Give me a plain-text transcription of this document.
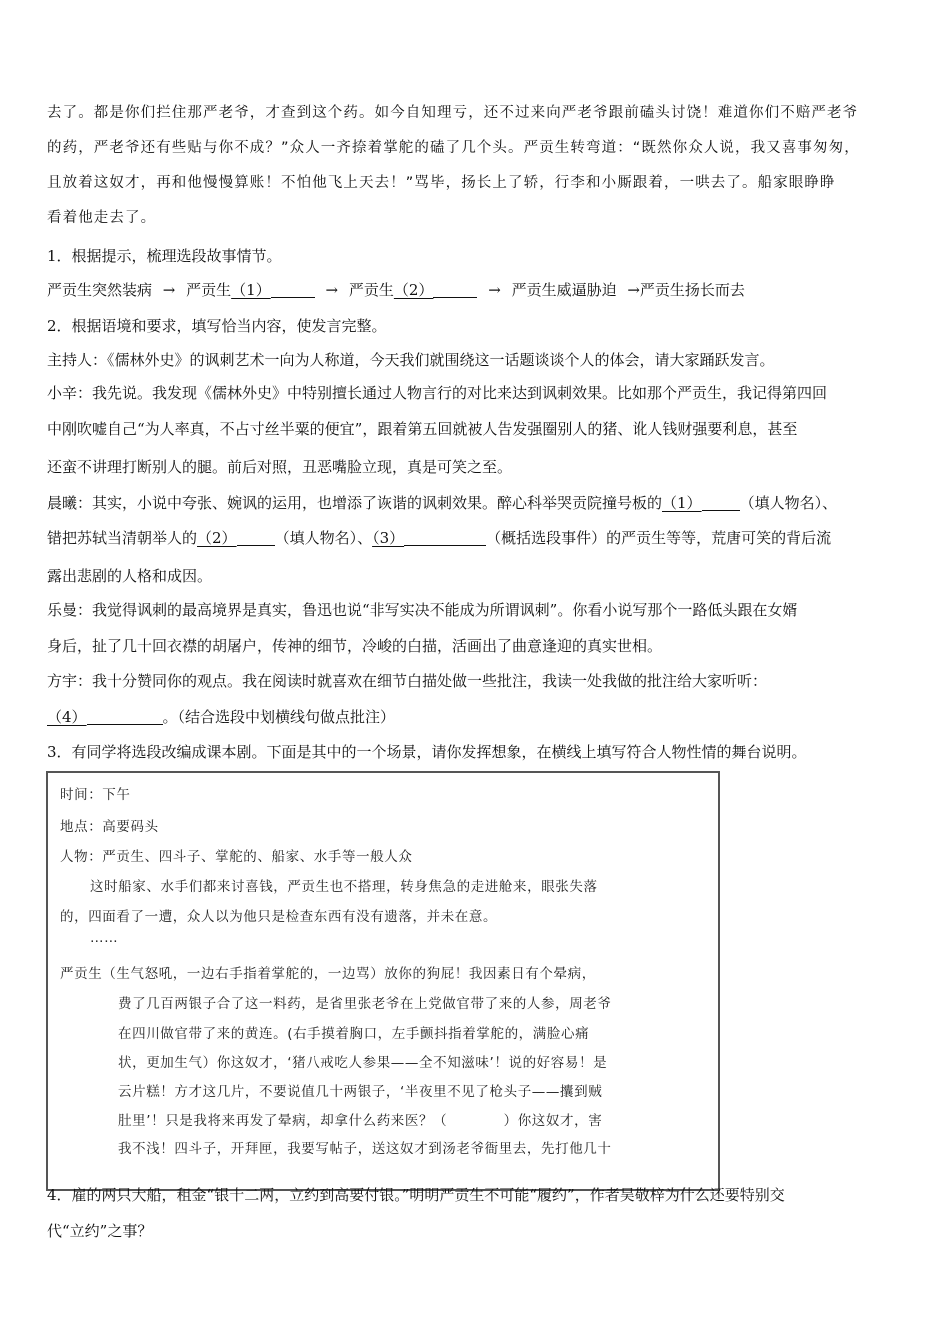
去了。都是你们拦住那严老爷，才查到这个药。如今自知理亏，还不过来向严老爷跟前磕头讨饶！难道你们不赔严老爷

的药，严老爷还有些贴与你不成？”众人一齐捺着掌舵的磕了几个头。严贡生转弯道：“既然你众人说，我又喜事匆匆，

且放着这奴才，再和他慢慢算账！不怕他飞上天去！”骂毕，扬长上了轿，行李和小厮跟着，一哄去了。船家眼睁睁

看着他走去了。

1．根据提示，梳理选段故事情节。

严贡生突然装病 → 严贡生（1）	→ 严贡生（2）	→ 严贡生威逼胁迫 →严贡生扬长而去

2．根据语境和要求，填写恰当内容，使发言完整。

主持人：《儒林外史》的讽刺艺术一向为人称道，今天我们就围绕这一话题谈谈个人的体会，请大家踊跃发言。

小辛：我先说。我发现《儒林外史》中特别擅长通过人物言行的对比来达到讽刺效果。比如那个严贡生，我记得第四回

中刚吹嘘自己“为人率真，不占寸丝半粟的便宜”，跟着第五回就被人告发强圈别人的猪、讹人钱财强要利息，甚至

还蛮不讲理打断别人的腿。前后对照，丑恶嘴脸立现，真是可笑之至。

晨曦：其实，小说中夸张、婉讽的运用，也增添了诙谐的讽刺效果。醉心科举哭贡院撞号板的（1）	（填人物名）、

错把苏轼当清朝举人的（2）	（填人物名）、（3）	（概括选段事件）的严贡生等等，荒唐可笑的背后流

露出悲剧的人格和成因。

乐曼：我觉得讽刺的最高境界是真实，鲁迅也说“非写实决不能成为所谓讽刺”。你看小说写那个一路低头跟在女婿

身后，扯了几十回衣襟的胡屠户，传神的细节，冷峻的白描，活画出了曲意逢迎的真实世相。

方宇：我十分赞同你的观点。我在阅读时就喜欢在细节白描处做一些批注，我读一处我做的批注给大家听听：

（4）	。（结合选段中划横线句做点批注）

3．有同学将选段改编成课本剧。下面是其中的一个场景，请你发挥想象，在横线上填写符合人物性情的舞台说明。

时间：下午
地点：高要码头
人物：严贡生、四斗子、掌舵的、船家、水手等一般人众
这时船家、水手们都来讨喜钱，严贡生也不搭理，转身焦急的走进舱来，眼张失落
的，四面看了一遭，众人以为他只是检查东西有没有遗落，并未在意。
……
严贡生（生气怒吼，一边右手指着掌舵的，一边骂）放你的狗屁！我因素日有个晕病，
费了几百两银子合了这一料药，是省里张老爷在上党做官带了来的人参，周老爷
在四川做官带了来的黄连。(右手摸着胸口，左手颤抖指着掌舵的，满脸心痛
状，更加生气）你这奴才，‘猪八戒吃人参果——全不知滋味’！说的好容易！是
云片糕！方才这几片，不要说值几十两银子，‘半夜里不见了枪头子——攮到贼
肚里’！只是我将来再发了晕病，却拿什么药来医？（　　　　）你这奴才，害
我不浅！四斗子，开拜匣，我要写帖子，送这奴才到汤老爷衙里去，先打他几十

4．雇的两只大船，租金“银十二两，立约到高要付银。”明明严贡生不可能“履约”，作者吴敬梓为什么还要特别交

代“立约”之事？
